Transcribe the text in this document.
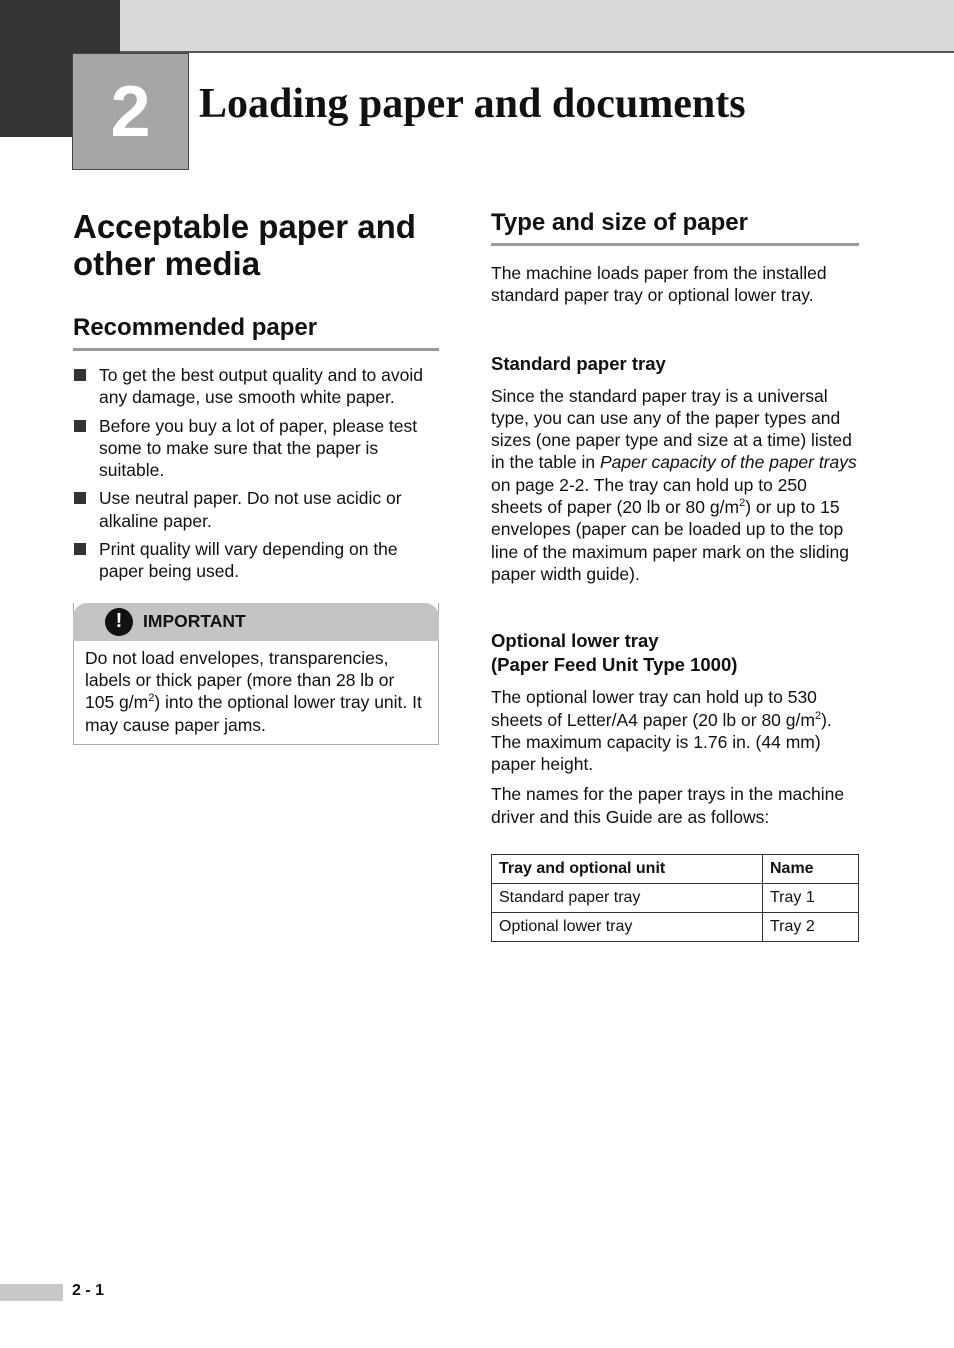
2 Loading paper and documents
Acceptable paper and other media
Recommended paper
To get the best output quality and to avoid any damage, use smooth white paper.
Before you buy a lot of paper, please test some to make sure that the paper is suitable.
Use neutral paper. Do not use acidic or alkaline paper.
Print quality will vary depending on the paper being used.
!	IMPORTANT

Do not load envelopes, transparencies, labels or thick paper (more than 28 lb or 105 $g/m^2$) into the optional lower tray unit. It may cause paper jams.

Type and size of paper

The machine loads paper from the installed standard paper tray or optional lower tray.

Standard paper tray

Since the standard paper tray is a universal type, you can use any of the paper types and sizes (one paper type and size at a time) listed in the table in Paper capacity of the paper trays on page 2-2. The tray can hold up to 250 sheets of paper (20 lb or 80 $g/m^2$) or up to 15 envelopes (paper can be loaded up to the top line of the maximum paper mark on the sliding paper width guide).

Optional lower tray
(Paper Feed Unit Type 1000)

The optional lower tray can hold up to 530 sheets of Letter/A4 paper (20 lb or 80 $g/m^2$). The maximum capacity is 1.76 in. (44 mm) paper height.

The names for the paper trays in the machine driver and this Guide are as follows:

Tray and optional unit	Name
Standard paper tray	Tray 1
Optional lower tray	Tray 2
2 - 1
